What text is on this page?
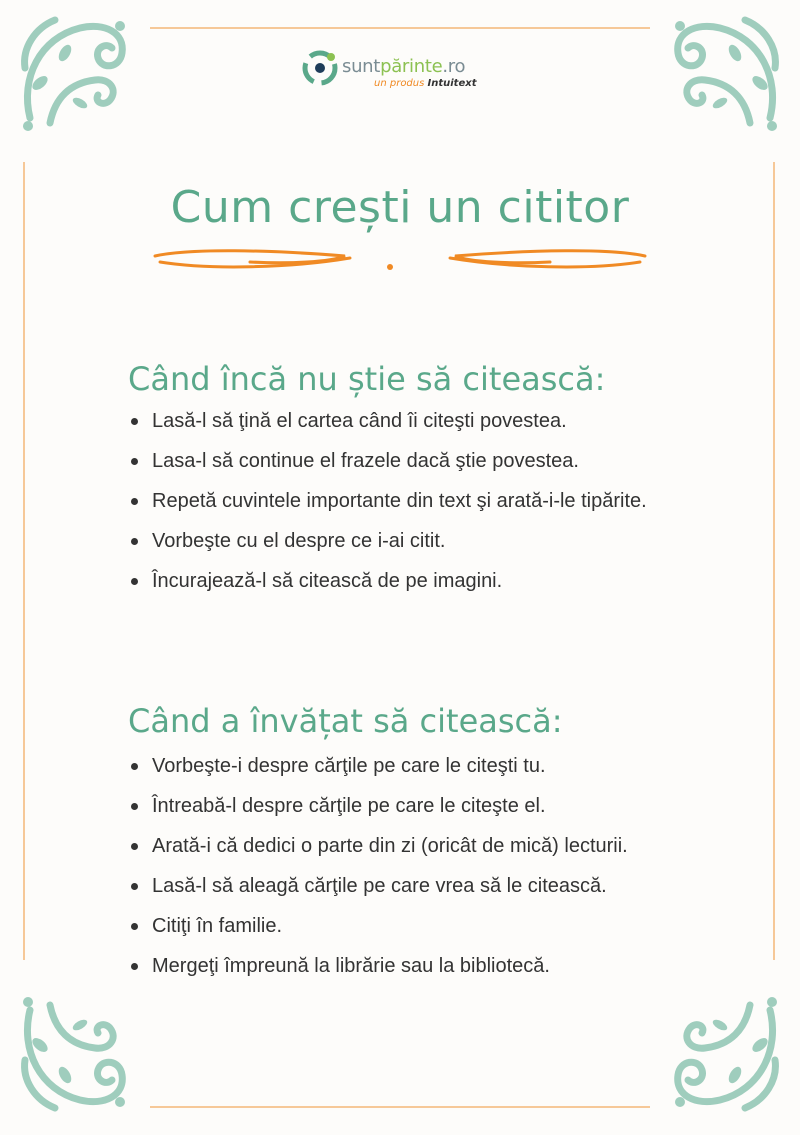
suntpărinte.ro
un produs Intuitext
Cum crești un cititor
Când încă nu știe să citească:
Lasă-l să ţină el cartea când îi citeşti povestea.
Lasa-l să continue el frazele dacă ştie povestea.
Repetă cuvintele importante din text şi arată-i-le tipărite.
Vorbeşte cu el despre ce i-ai citit.
Încurajează-l să citească de pe imagini.
Când a învățat să citească:
Vorbeşte-i despre cărţile pe care le citeşti tu.
Întreabă-l despre cărţile pe care le citeşte el.
Arată-i că dedici o parte din zi (oricât de mică) lecturii.
Lasă-l să aleagă cărţile pe care vrea să le citească.
Citiţi în familie.
Mergeţi împreună la librărie sau la bibliotecă.
